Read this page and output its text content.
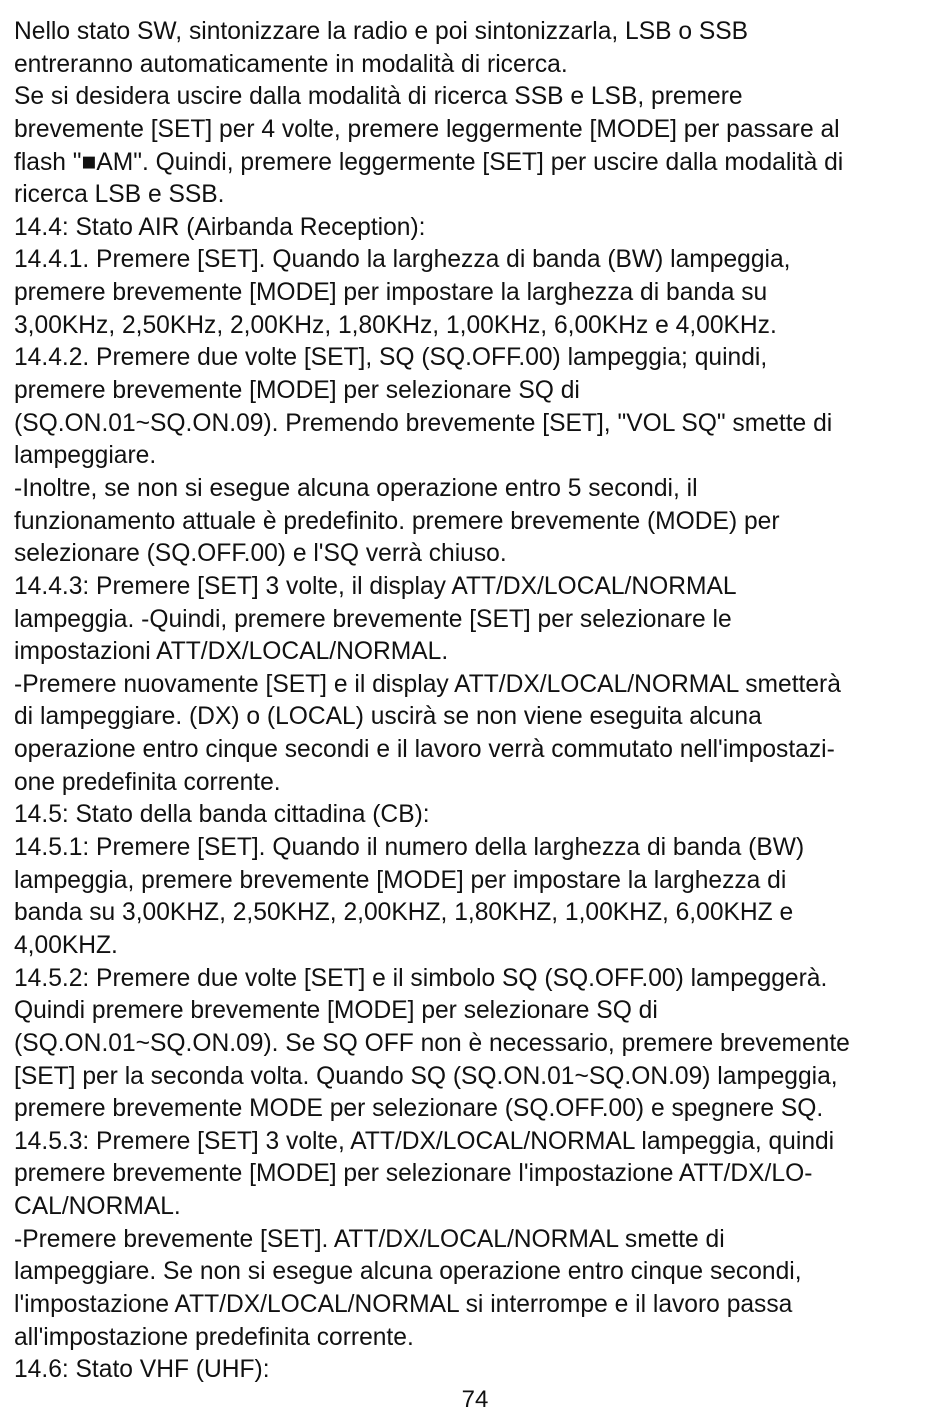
Nello stato SW, sintonizzare la radio e poi sintonizzarla, LSB o SSB
entreranno automaticamente in modalità di ricerca.
Se si desidera uscire dalla modalità di ricerca SSB e LSB, premere
brevemente [SET] per 4 volte, premere leggermente [MODE] per passare al
flash "■AM". Quindi, premere leggermente [SET] per uscire dalla modalità di
ricerca LSB e SSB.
14.4: Stato AIR (Airbanda Reception):
14.4.1. Premere [SET]. Quando la larghezza di banda (BW) lampeggia,
premere brevemente [MODE] per impostare la larghezza di banda su
3,00KHz, 2,50KHz, 2,00KHz, 1,80KHz, 1,00KHz, 6,00KHz e 4,00KHz.
14.4.2. Premere due volte [SET], SQ (SQ.OFF.00) lampeggia; quindi,
premere brevemente [MODE] per selezionare SQ di
(SQ.ON.01~SQ.ON.09). Premendo brevemente [SET], "VOL SQ" smette di
lampeggiare.
-Inoltre, se non si esegue alcuna operazione entro 5 secondi, il
funzionamento attuale è predefinito. premere brevemente (MODE) per
selezionare (SQ.OFF.00) e l'SQ verrà chiuso.
14.4.3: Premere [SET] 3 volte, il display ATT/DX/LOCAL/NORMAL
lampeggia. -Quindi, premere brevemente [SET] per selezionare le
impostazioni ATT/DX/LOCAL/NORMAL.
-Premere nuovamente [SET] e il display ATT/DX/LOCAL/NORMAL smetterà
di lampeggiare. (DX) o (LOCAL) uscirà se non viene eseguita alcuna
operazione entro cinque secondi e il lavoro verrà commutato nell'impostazi-
one predefinita corrente.
14.5: Stato della banda cittadina (CB):
14.5.1: Premere [SET]. Quando il numero della larghezza di banda (BW)
lampeggia, premere brevemente [MODE] per impostare la larghezza di
banda su 3,00KHZ, 2,50KHZ, 2,00KHZ, 1,80KHZ, 1,00KHZ, 6,00KHZ e
4,00KHZ.
14.5.2: Premere due volte [SET] e il simbolo SQ (SQ.OFF.00) lampeggerà.
Quindi premere brevemente [MODE] per selezionare SQ di
(SQ.ON.01~SQ.ON.09). Se SQ OFF non è necessario, premere brevemente
[SET] per la seconda volta. Quando SQ (SQ.ON.01~SQ.ON.09) lampeggia,
premere brevemente MODE per selezionare (SQ.OFF.00) e spegnere SQ.
14.5.3: Premere [SET] 3 volte, ATT/DX/LOCAL/NORMAL lampeggia, quindi
premere brevemente [MODE] per selezionare l'impostazione ATT/DX/LO-
CAL/NORMAL.
-Premere brevemente [SET]. ATT/DX/LOCAL/NORMAL smette di
lampeggiare. Se non si esegue alcuna operazione entro cinque secondi,
l'impostazione ATT/DX/LOCAL/NORMAL si interrompe e il lavoro passa
all'impostazione predefinita corrente.
14.6: Stato VHF (UHF):
74
